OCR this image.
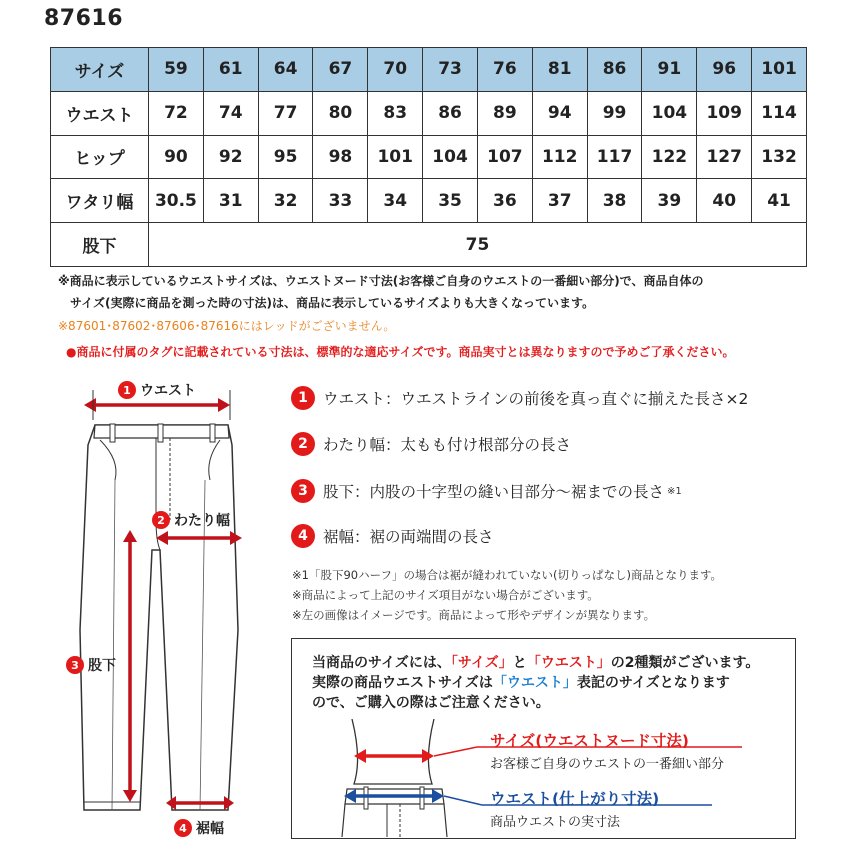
87616
サイズ	59	61	64	67	70	73	76	81	86	91	96	101
ウエスト	72	74	77	80	83	86	89	94	99	104	109	114
ヒップ	90	92	95	98	101	104	107	112	117	122	127	132
ワタリ幅	30.5	31	32	33	34	35	36	37	38	39	40	41
股下	75											
※商品に表示しているウエストサイズは、ウエストヌード寸法(お客様ご自身のウエストの一番細い部分)で、商品自体の
サイズ(実際に商品を測った時の寸法)は、商品に表示しているサイズよりも大きくなっています。
※87601･87602･87606･87616にはレッドがございません。
●商品に付属のタグに記載されている寸法は、標準的な適応サイズです。商品実寸とは異なりますので予めご了承ください。
1 ウエスト
2 わたり幅
3 股下
4 裾幅
1 ウエスト：ウエストラインの前後を真っ直ぐに揃えた長さ×2
2 わたり幅：太もも付け根部分の長さ
3 股下：内股の十字型の縫い目部分～裾までの長さ ※1
4 裾幅：裾の両端間の長さ
※1「股下90ハーフ」の場合は裾が縫われていない(切りっぱなし)商品となります。
※商品によって上記のサイズ項目がない場合がございます。
※左の画像はイメージです。商品によって形やデザインが異なります。
当商品のサイズには、「サイズ」と「ウエスト」の2種類がございます。
実際の商品ウエストサイズは「ウエスト」表記のサイズとなります
ので、ご購入の際はご注意ください。
サイズ(ウエストヌード寸法)
お客様ご自身のウエストの一番細い部分
ウエスト(仕上がり寸法)
商品ウエストの実寸法
